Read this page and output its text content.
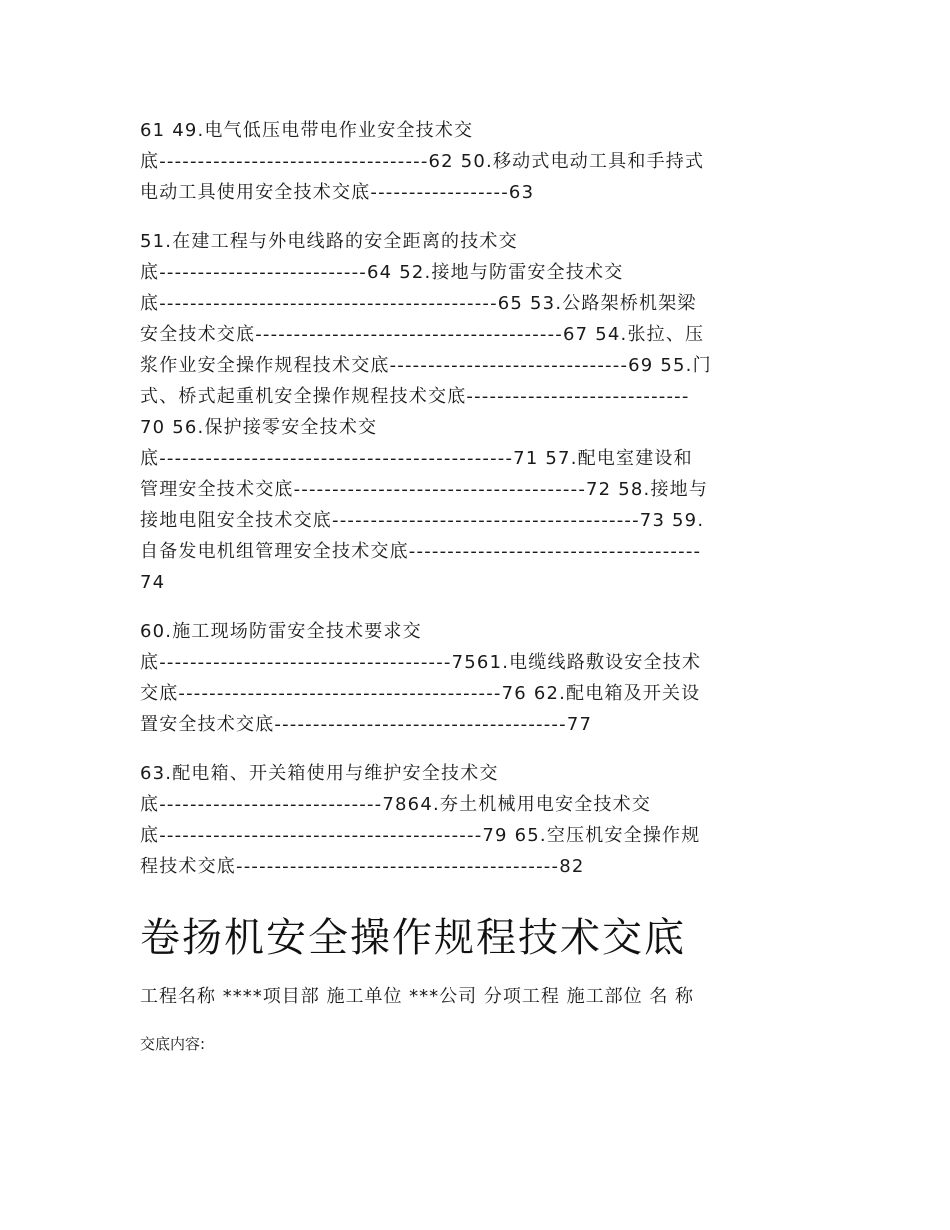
61 49.电气低压电带电作业安全技术交
底-----------------------------------62 50.移动式电动工具和手持式
电动工具使用安全技术交底------------------63
51.在建工程与外电线路的安全距离的技术交
底---------------------------64 52.接地与防雷安全技术交
底--------------------------------------------65 53.公路架桥机架梁
安全技术交底----------------------------------------67 54.张拉、压
浆作业安全操作规程技术交底-------------------------------69 55.门
式、桥式起重机安全操作规程技术交底-----------------------------
70 56.保护接零安全技术交
底----------------------------------------------71 57.配电室建设和
管理安全技术交底--------------------------------------72 58.接地与
接地电阻安全技术交底----------------------------------------73 59.
自备发电机组管理安全技术交底--------------------------------------
74
60.施工现场防雷安全技术要求交
底--------------------------------------7561.电缆线路敷设安全技术
交底------------------------------------------76 62.配电箱及开关设
置安全技术交底--------------------------------------77
63.配电箱、开关箱使用与维护安全技术交
底-----------------------------7864.夯土机械用电安全技术交
底------------------------------------------79 65.空压机安全操作规
程技术交底------------------------------------------82
卷扬机安全操作规程技术交底
工程名称 ****项目部 施工单位 ***公司 分项工程 施工部位 名 称
交底内容:
